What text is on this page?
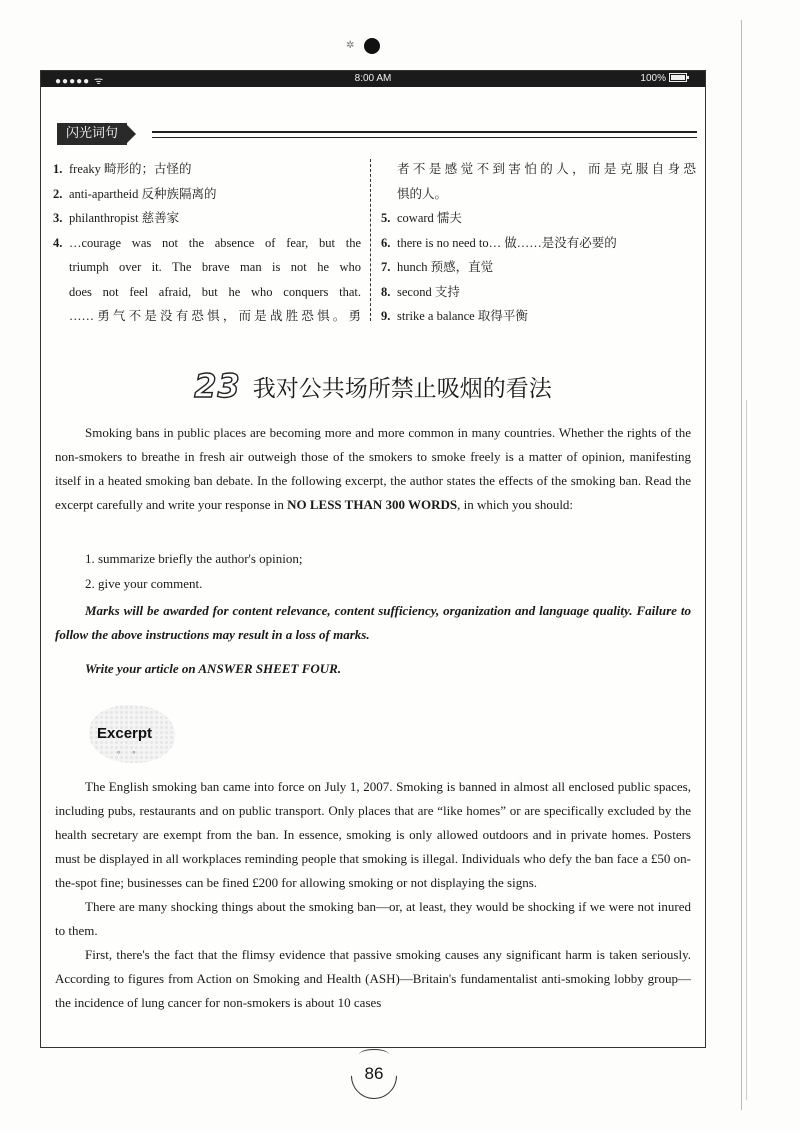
✲
●●●●● ᯤ	8:00 AM	100%
闪光词句
1. freaky 畸形的；古怪的
2. anti-apartheid 反种族隔离的
3. philanthropist 慈善家
4. …courage was not the absence of fear, but the
triumph over it. The brave man is not he who
does not feel afraid, but he who conquers that.
……勇气不是没有恐惧，而是战胜恐惧。勇
者不是感觉不到害怕的人，而是克服自身恐
惧的人。
5. coward 懦夫
6. there is no need to… 做……是没有必要的
7. hunch 预感，直觉
8. second 支持
9. strike a balance 取得平衡
23 我对公共场所禁止吸烟的看法

Smoking bans in public places are becoming more and more common in many countries. Whether the rights of the non-smokers to breathe in fresh air outweigh those of the smokers to smoke freely is a matter of opinion, manifesting itself in a heated smoking ban debate. In the following excerpt, the author states the effects of the smoking ban. Read the excerpt carefully and write your response in NO LESS THAN 300 WORDS, in which you should:

1. summarize briefly the author's opinion;
2. give your comment.

Marks will be awarded for content relevance, content sufficiency, organization and language quality. Failure to follow the above instructions may result in a loss of marks.

Write your article on ANSWER SHEET FOUR.

Excerpt
◦◦

The English smoking ban came into force on July 1, 2007. Smoking is banned in almost all enclosed public spaces, including pubs, restaurants and on public transport. Only places that are “like homes” or are specifically excluded by the health secretary are exempt from the ban. In essence, smoking is only allowed outdoors and in private homes. Posters must be displayed in all workplaces reminding people that smoking is illegal. Individuals who defy the ban face a £50 on-the-spot fine; businesses can be fined £200 for allowing smoking or not displaying the signs.

There are many shocking things about the smoking ban—or, at least, they would be shocking if we were not inured to them.

First, there's the fact that the flimsy evidence that passive smoking causes any significant harm is taken seriously. According to figures from Action on Smoking and Health (ASH)—Britain's fundamentalist anti-smoking lobby group—the incidence of lung cancer for non-smokers is about 10 cases

86
